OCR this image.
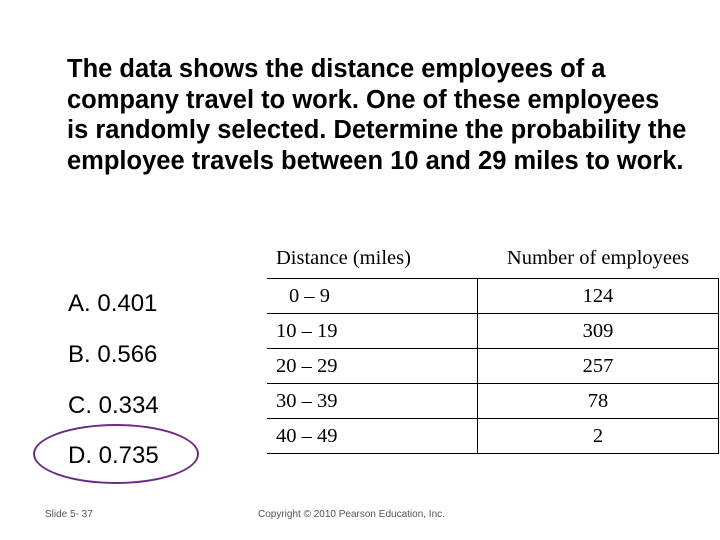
The data shows the distance employees of a company travel to work. One of these employees is randomly selected. Determine the probability the employee travels between 10 and 29 miles to work.

A. 0.401
B. 0.566
C. 0.334
D. 0.735
Distance (miles)	Number of employees
0 – 9	124
10 – 19	309
20 – 29	257
30 – 39	78
40 – 49	2
Slide 5- 37	Copyright © 2010 Pearson Education, Inc.
